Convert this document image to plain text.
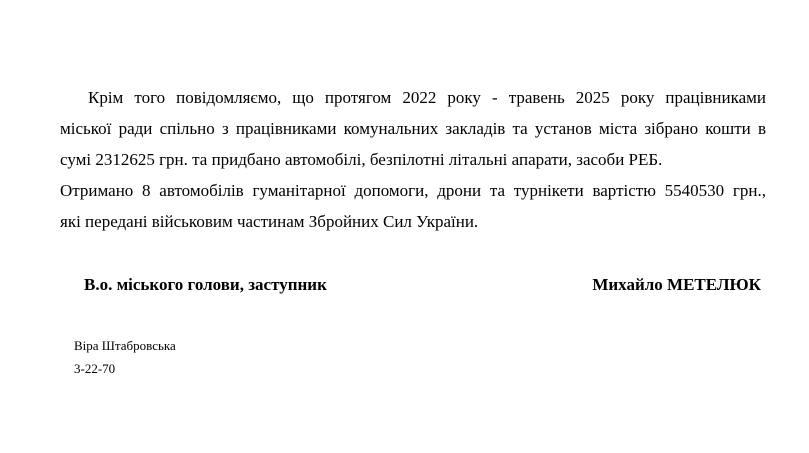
Крім того повідомляємо, що протягом 2022 року - травень 2025 року працівниками
міської ради спільно з працівниками комунальних закладів та установ міста зібрано кошти в
сумі 2312625 грн. та придбано автомобілі, безпілотні літальні апарати, засоби РЕБ.

Отримано 8 автомобілів гуманітарної допомоги, дрони та турнікети вартістю 5540530 грн.,
які передані військовим частинам Збройних Сил України.

В.о. міського голови, заступник	Михайло МЕТЕЛЮК
Віра Штабровська
3-22-70
